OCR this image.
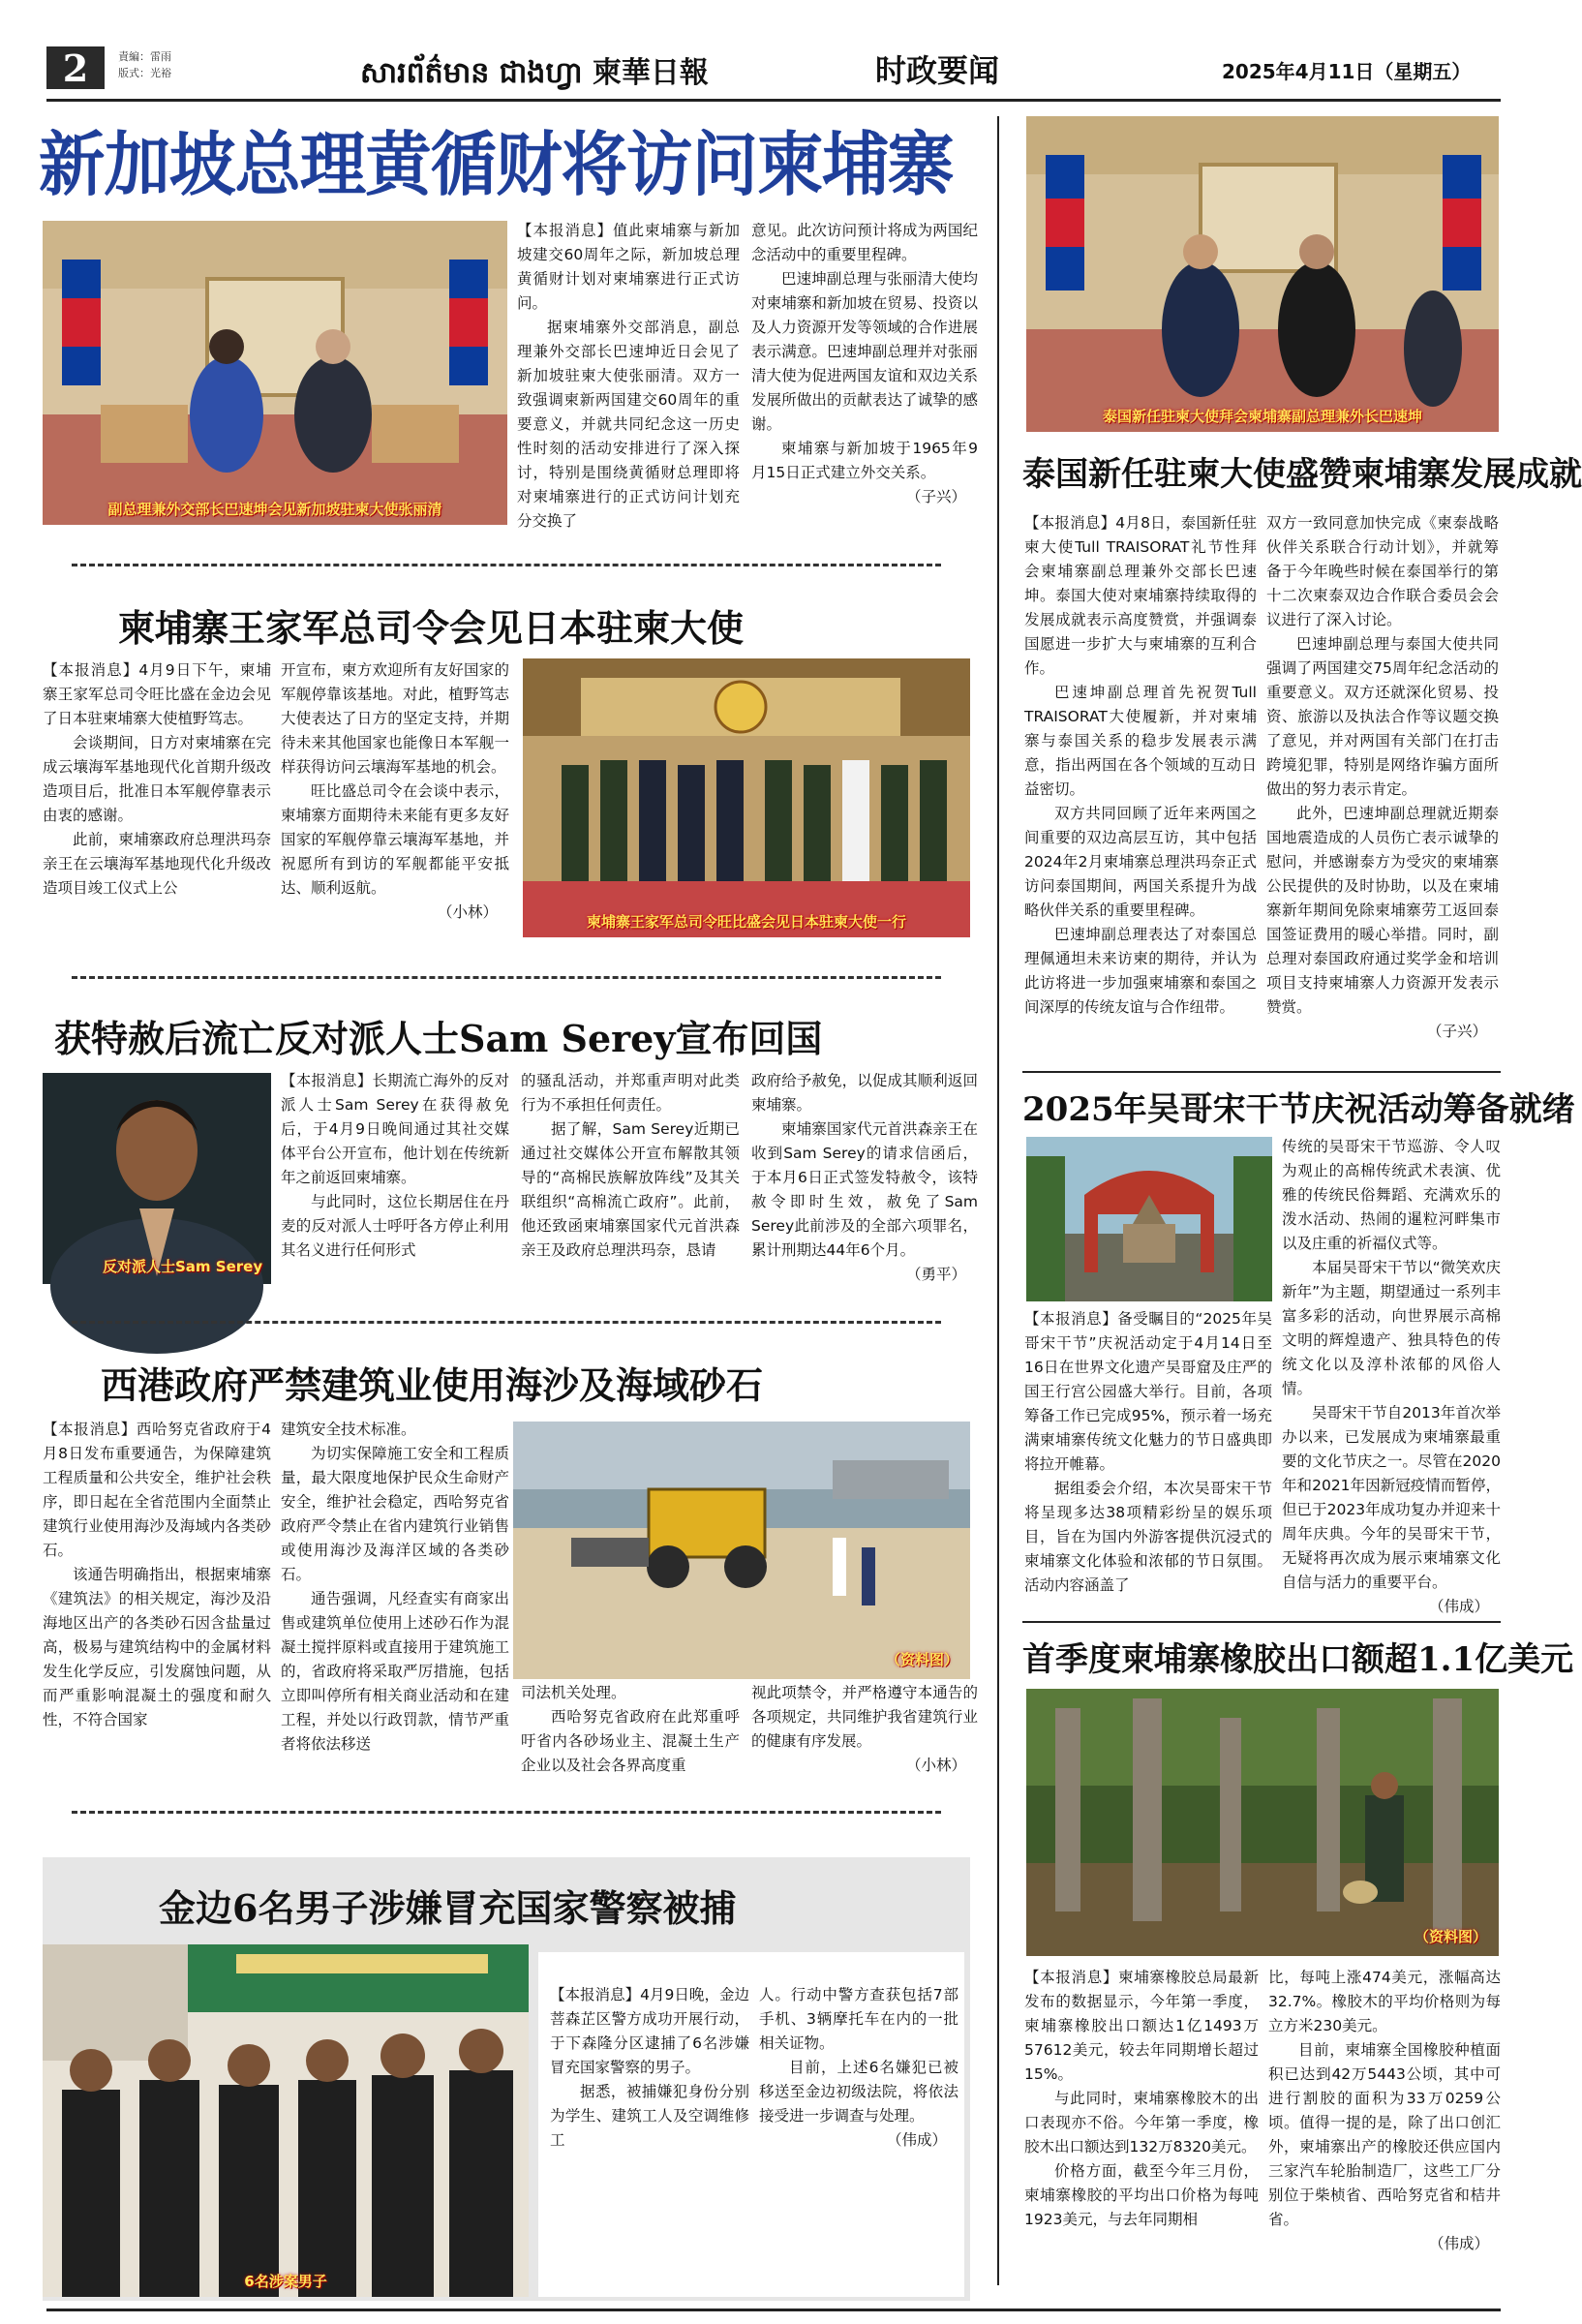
2	責編：雷雨
版式：光裕	សារព័ត៌មាន ជាងហ្វា 柬華日報	时政要闻	2025年4月11日（星期五）
新加坡总理黄循财将访问柬埔寨
副总理兼外交部长巴速坤会见新加坡驻柬大使张丽清

【本报消息】值此柬埔寨与新加坡建交60周年之际，新加坡总理黄循财计划对柬埔寨进行正式访问。

据柬埔寨外交部消息，副总理兼外交部长巴速坤近日会见了新加坡驻柬大使张丽清。双方一致强调柬新两国建交60周年的重要意义，并就共同纪念这一历史性时刻的活动安排进行了深入探讨，特别是围绕黄循财总理即将对柬埔寨进行的正式访问计划充分交换了

意见。此次访问预计将成为两国纪念活动中的重要里程碑。

巴速坤副总理与张丽清大使均对柬埔寨和新加坡在贸易、投资以及人力资源开发等领域的合作进展表示满意。巴速坤副总理并对张丽清大使为促进两国友谊和双边关系发展所做出的贡献表达了诚挚的感谢。

柬埔寨与新加坡于1965年9月15日正式建立外交关系。

（子兴）
柬埔寨王家军总司令会见日本驻柬大使

【本报消息】4月9日下午，柬埔寨王家军总司令旺比盛在金边会见了日本驻柬埔寨大使植野笃志。

会谈期间，日方对柬埔寨在完成云壤海军基地现代化首期升级改造项目后，批准日本军舰停靠表示由衷的感谢。

此前，柬埔寨政府总理洪玛奈亲王在云壤海军基地现代化升级改造项目竣工仪式上公

开宣布，柬方欢迎所有友好国家的军舰停靠该基地。对此，植野笃志大使表达了日方的坚定支持，并期待未来其他国家也能像日本军舰一样获得访问云壤海军基地的机会。

旺比盛总司令在会谈中表示，柬埔寨方面期待未来能有更多友好国家的军舰停靠云壤海军基地，并祝愿所有到访的军舰都能平安抵达、顺利返航。

（小林）
柬埔寨王家军总司令旺比盛会见日本驻柬大使一行
获特赦后流亡反对派人士Sam Serey宣布回国
反对派人士Sam Serey

【本报消息】长期流亡海外的反对派人士Sam Serey在获得赦免后，于4月9日晚间通过其社交媒体平台公开宣布，他计划在传统新年之前返回柬埔寨。

与此同时，这位长期居住在丹麦的反对派人士呼吁各方停止利用其名义进行任何形式

的骚乱活动，并郑重声明对此类行为不承担任何责任。

据了解，Sam Serey近期已通过社交媒体公开宣布解散其领导的“高棉民族解放阵线”及其关联组织“高棉流亡政府”。此前，他还致函柬埔寨国家代元首洪森亲王及政府总理洪玛奈，恳请

政府给予赦免，以促成其顺利返回柬埔寨。

柬埔寨国家代元首洪森亲王在收到Sam Serey的请求信函后，于本月6日正式签发特赦令，该特赦令即时生效，赦免了Sam Serey此前涉及的全部六项罪名，累计刑期达44年6个月。

（勇平）
西港政府严禁建筑业使用海沙及海域砂石

【本报消息】西哈努克省政府于4月8日发布重要通告，为保障建筑工程质量和公共安全，维护社会秩序，即日起在全省范围内全面禁止建筑行业使用海沙及海域内各类砂石。

该通告明确指出，根据柬埔寨《建筑法》的相关规定，海沙及沿海地区出产的各类砂石因含盐量过高，极易与建筑结构中的金属材料发生化学反应，引发腐蚀问题，从而严重影响混凝土的强度和耐久性，不符合国家

建筑安全技术标准。

为切实保障施工安全和工程质量，最大限度地保护民众生命财产安全，维护社会稳定，西哈努克省政府严令禁止在省内建筑行业销售或使用海沙及海洋区域的各类砂石。

通告强调，凡经查实有商家出售或建筑单位使用上述砂石作为混凝土搅拌原料或直接用于建筑施工的，省政府将采取严厉措施，包括立即叫停所有相关商业活动和在建工程，并处以行政罚款，情节严重者将依法移送

（资料图）

司法机关处理。

西哈努克省政府在此郑重呼吁省内各砂场业主、混凝土生产企业以及社会各界高度重

视此项禁令，并严格遵守本通告的各项规定，共同维护我省建筑行业的健康有序发展。

（小林）
金边6名男子涉嫌冒充国家警察被捕
6名涉案男子

【本报消息】4月9日晚，金边菩森芷区警方成功开展行动，于下森隆分区逮捕了6名涉嫌冒充国家警察的男子。

据悉，被捕嫌犯身份分别为学生、建筑工人及空调维修工

人。行动中警方查获包括7部手机、3辆摩托车在内的一批相关证物。

目前，上述6名嫌犯已被移送至金边初级法院，将依法接受进一步调查与处理。

（伟成）
泰国新任驻柬大使拜会柬埔寨副总理兼外长巴速坤
泰国新任驻柬大使盛赞柬埔寨发展成就

【本报消息】4月8日，泰国新任驻柬大使Tull TRAISORAT礼节性拜会柬埔寨副总理兼外交部长巴速坤。泰国大使对柬埔寨持续取得的发展成就表示高度赞赏，并强调泰国愿进一步扩大与柬埔寨的互利合作。

巴速坤副总理首先祝贺Tull TRAISORAT大使履新，并对柬埔寨与泰国关系的稳步发展表示满意，指出两国在各个领域的互动日益密切。

双方共同回顾了近年来两国之间重要的双边高层互访，其中包括2024年2月柬埔寨总理洪玛奈正式访问泰国期间，两国关系提升为战略伙伴关系的重要里程碑。

巴速坤副总理表达了对泰国总理佩通坦未来访柬的期待，并认为此访将进一步加强柬埔寨和泰国之间深厚的传统友谊与合作纽带。

双方一致同意加快完成《柬泰战略伙伴关系联合行动计划》，并就筹备于今年晚些时候在泰国举行的第十二次柬泰双边合作联合委员会会议进行了深入讨论。

巴速坤副总理与泰国大使共同强调了两国建交75周年纪念活动的重要意义。双方还就深化贸易、投资、旅游以及执法合作等议题交换了意见，并对两国有关部门在打击跨境犯罪，特别是网络诈骗方面所做出的努力表示肯定。

此外，巴速坤副总理就近期泰国地震造成的人员伤亡表示诚挚的慰问，并感谢泰方为受灾的柬埔寨公民提供的及时协助，以及在柬埔寨新年期间免除柬埔寨劳工返回泰国签证费用的暖心举措。同时，副总理对泰国政府通过奖学金和培训项目支持柬埔寨人力资源开发表示赞赏。

（子兴）
2025年吴哥宋干节庆祝活动筹备就绪

传统的吴哥宋干节巡游、令人叹为观止的高棉传统武术表演、优雅的传统民俗舞蹈、充满欢乐的泼水活动、热闹的暹粒河畔集市以及庄重的祈福仪式等。

本届吴哥宋干节以“微笑欢庆新年”为主题，期望通过一系列丰富多彩的活动，向世界展示高棉文明的辉煌遗产、独具特色的传统文化以及淳朴浓郁的风俗人情。

吴哥宋干节自2013年首次举办以来，已发展成为柬埔寨最重要的文化节庆之一。尽管在2020年和2021年因新冠疫情而暂停，但已于2023年成功复办并迎来十周年庆典。今年的吴哥宋干节，无疑将再次成为展示柬埔寨文化自信与活力的重要平台。

（伟成）

【本报消息】备受瞩目的“2025年吴哥宋干节”庆祝活动定于4月14日至16日在世界文化遗产吴哥窟及庄严的国王行宫公园盛大举行。目前，各项筹备工作已完成95%，预示着一场充满柬埔寨传统文化魅力的节日盛典即将拉开帷幕。

据组委会介绍，本次吴哥宋干节将呈现多达38项精彩纷呈的娱乐项目，旨在为国内外游客提供沉浸式的柬埔寨文化体验和浓郁的节日氛围。活动内容涵盖了

首季度柬埔寨橡胶出口额超1.1亿美元
（资料图）

【本报消息】柬埔寨橡胶总局最新发布的数据显示，今年第一季度，柬埔寨橡胶出口额达1亿1493万57612美元，较去年同期增长超过15%。

与此同时，柬埔寨橡胶木的出口表现亦不俗。今年第一季度，橡胶木出口额达到132万8320美元。

价格方面，截至今年三月份，柬埔寨橡胶的平均出口价格为每吨1923美元，与去年同期相

比，每吨上涨474美元，涨幅高达32.7%。橡胶木的平均价格则为每立方米230美元。

目前，柬埔寨全国橡胶种植面积已达到42万5443公顷，其中可进行割胶的面积为33万0259公顷。值得一提的是，除了出口创汇外，柬埔寨出产的橡胶还供应国内三家汽车轮胎制造厂，这些工厂分别位于柴桢省、西哈努克省和桔井省。

（伟成）
